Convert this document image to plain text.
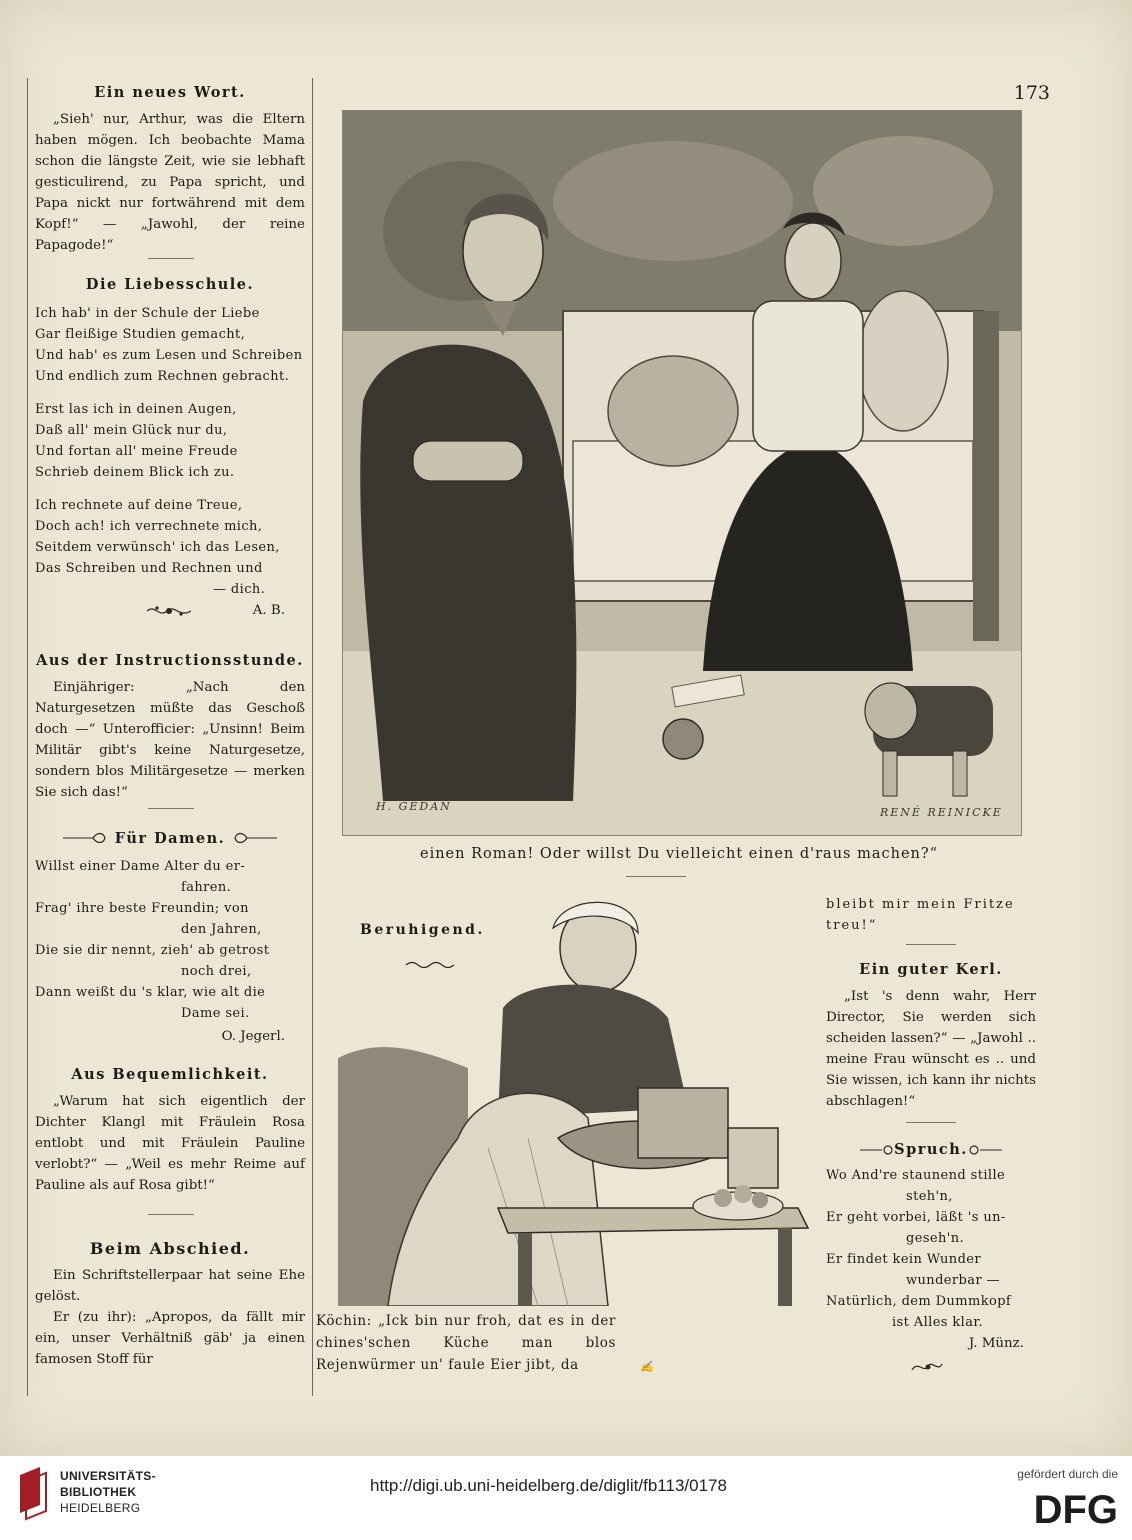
173

Ein neues Wort.

„Sieh' nur, Arthur, was die Eltern haben mögen. Ich beobachte Mama schon die längste Zeit, wie sie lebhaft gesticulirend, zu Papa spricht, und Papa nickt nur fortwährend mit dem Kopf!“ — „Jawohl, der reine Papagode!“

Die Liebesschule.

Ich hab' in der Schule der Liebe

Gar fleißige Studien gemacht,

Und hab' es zum Lesen und Schreiben

Und endlich zum Rechnen gebracht.

Erst las ich in deinen Augen,

Daß all' mein Glück nur du,

Und fortan all' meine Freude

Schrieb deinem Blick ich zu.

Ich rechnete auf deine Treue,

Doch ach! ich verrechnete mich,

Seitdem verwünsch' ich das Lesen,

Das Schreiben und Rechnen und

— dich.

A. B.

Aus der Instructionsstunde.

Einjähriger: „Nach den Naturgesetzen müßte das Geschoß doch —“ Unterofficier: „Unsinn! Beim Militär gibt's keine Naturgesetze, sondern blos Militärgesetze — merken Sie sich das!“

Für Damen.

Willst einer Dame Alter du er-

fahren.

Frag' ihre beste Freundin; von

den Jahren,

Die sie dir nennt, zieh' ab getrost

noch drei,

Dann weißt du 's klar, wie alt die

Dame sei.

O. Jegerl.

Aus Bequemlichkeit.

„Warum hat sich eigentlich der Dichter Klangl mit Fräulein Rosa entlobt und mit Fräulein Pauline verlobt?“ — „Weil es mehr Reime auf Pauline als auf Rosa gibt!“

Beim Abschied.

Ein Schriftstellerpaar hat seine Ehe gelöst.

Er (zu ihr): „Apropos, da fällt mir ein, unser Verhältniß gäb' ja einen famosen Stoff für

H. GEDAN	RENÉ REINICKE
einen Roman! Oder willst Du vielleicht einen d'raus machen?“
Beruhigend.
✍
Köchin: „Ick bin nur froh, dat es in der chines'schen Küche man blos Rejenwürmer un' faule Eier jibt, da

bleibt mir mein Fritze treu!“

Ein guter Kerl.

„Ist 's denn wahr, Herr Director, Sie werden sich scheiden lassen?“ — „Jawohl .. meine Frau wünscht es .. und Sie wissen, ich kann ihr nichts abschlagen!“

Spruch.

Wo And're staunend stille

steh'n,

Er geht vorbei, läßt 's un-

geseh'n.

Er findet kein Wunder

wunderbar —

Natürlich, dem Dummkopf

ist Alles klar.

J. Münz.

UNIVERSITÄTS-
BIBLIOTHEK
HEIDELBERG
http://digi.ub.uni-heidelberg.de/diglit/fb113/0178
gefördert durch die
DFG
